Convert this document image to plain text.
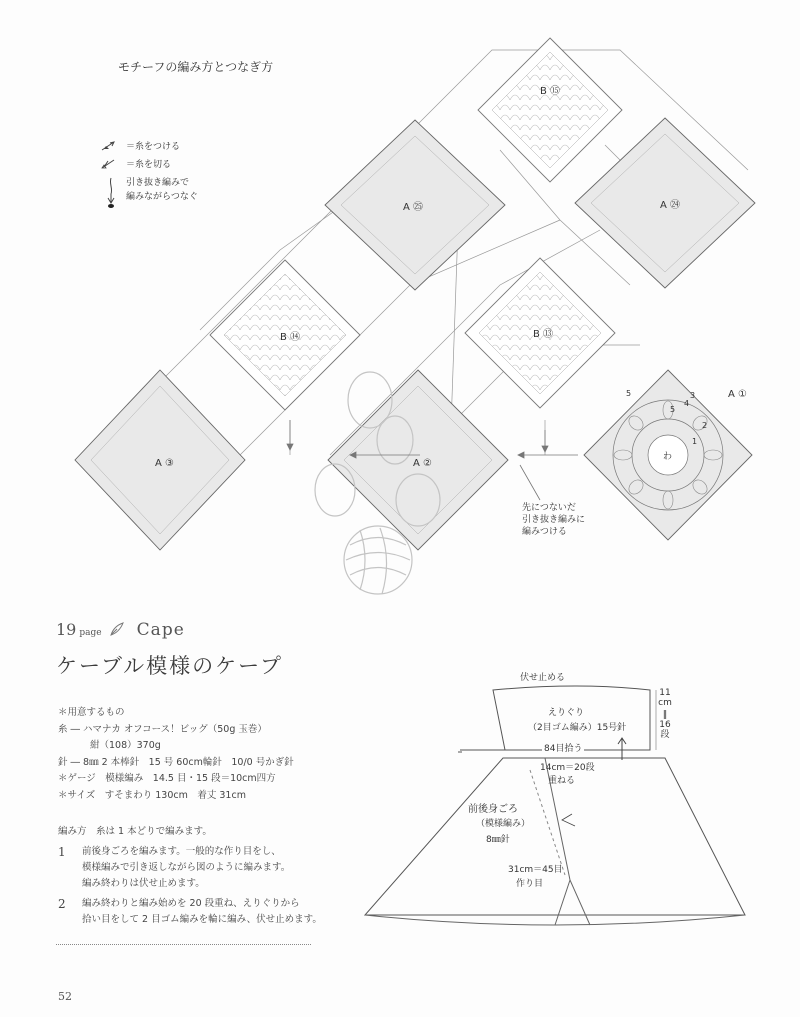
モチーフの編み方とつなぎ方
＝糸をつける
＝糸を切る
引き抜き編みで
編みながらつなぐ
B ⑮
A ㉕	A ㉔
B ⑭	B ⑬
A ③	A ②
A ①
わ
5
4
3
5
2
1
先につないだ
引き抜き編みに
編みつける
19 page Cape
ケーブル模様のケープ
＊用意するもの
糸 ― ハマナカ オフコース！ビッグ（50g 玉巻）
紺（108）370g
針 ― 8㎜ 2 本棒針　15 号 60cm輪針　10/0 号かぎ針
＊ゲージ　模様編み　14.5 目・15 段＝10cm四方
＊サイズ　すそまわり 130cm　着丈 31cm
編み方　糸は 1 本どりで編みます。
1	前後身ごろを編みます。一般的な作り目をし、
模様編みで引き返しながら図のように編みます。
編み終わりは伏せ止めます。
2	編み終わりと編み始めを 20 段重ね、えりぐりから
拾い目をして 2 目ゴム編みを輪に編み、伏せ止めます。
52
伏せ止める
えりぐり
（2目ゴム編み）15号針
11
cm
‖
16
段
84目拾う
14cm＝20段
重ねる
前後身ごろ
（模様編み）
8㎜針
31cm＝45目
作り目
